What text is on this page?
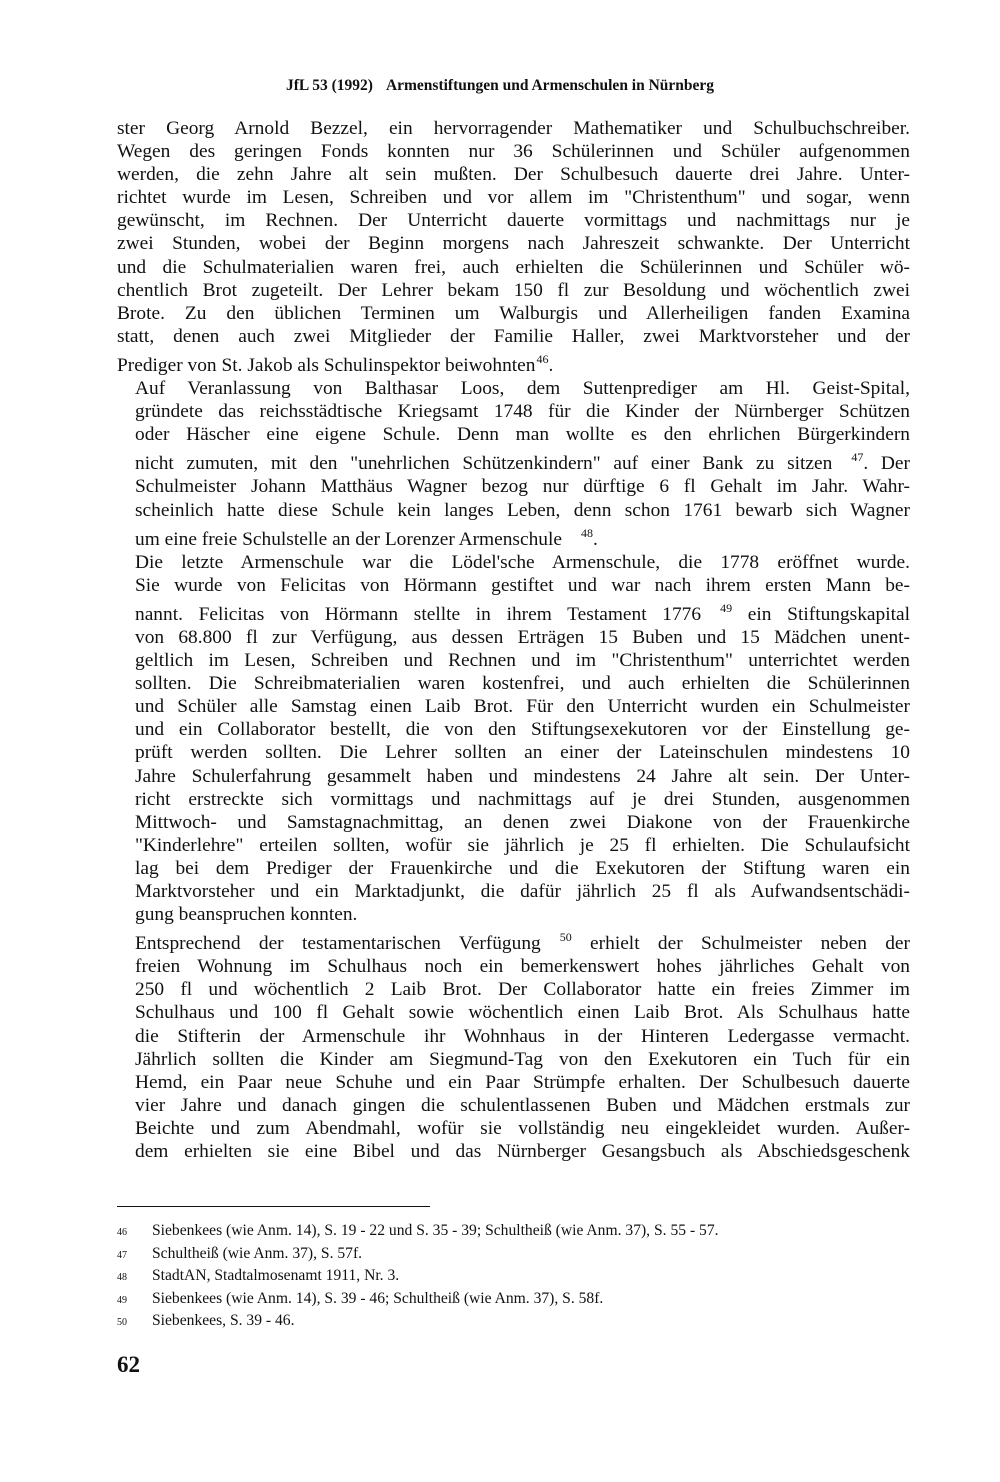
JfL 53 (1992) Armenstiftungen und Armenschulen in Nürnberg

ster Georg Arnold Bezzel, ein hervorragender Mathematiker und Schulbuchschreiber.
Wegen des geringen Fonds konnten nur 36 Schülerinnen und Schüler aufgenommen
werden, die zehn Jahre alt sein mußten. Der Schulbesuch dauerte drei Jahre. Unter-
richtet wurde im Lesen, Schreiben und vor allem im "Christenthum" und sogar, wenn
gewünscht, im Rechnen. Der Unterricht dauerte vormittags und nachmittags nur je
zwei Stunden, wobei der Beginn morgens nach Jahreszeit schwankte. Der Unterricht
und die Schulmaterialien waren frei, auch erhielten die Schülerinnen und Schüler wö-
chentlich Brot zugeteilt. Der Lehrer bekam 150 fl zur Besoldung und wöchentlich zwei
Brote. Zu den üblichen Terminen um Walburgis und Allerheiligen fanden Examina
statt, denen auch zwei Mitglieder der Familie Haller, zwei Marktvorsteher und der
Prediger von St. Jakob als Schulinspektor beiwohnten46.

Auf Veranlassung von Balthasar Loos, dem Suttenprediger am Hl. Geist-Spital,
gründete das reichsstädtische Kriegsamt 1748 für die Kinder der Nürnberger Schützen
oder Häscher eine eigene Schule. Denn man wollte es den ehrlichen Bürgerkindern
nicht zumuten, mit den "unehrlichen Schützenkindern" auf einer Bank zu sitzen 47. Der
Schulmeister Johann Matthäus Wagner bezog nur dürftige 6 fl Gehalt im Jahr. Wahr-
scheinlich hatte diese Schule kein langes Leben, denn schon 1761 bewarb sich Wagner
um eine freie Schulstelle an der Lorenzer Armenschule 48.

Die letzte Armenschule war die Lödel'sche Armenschule, die 1778 eröffnet wurde.
Sie wurde von Felicitas von Hörmann gestiftet und war nach ihrem ersten Mann be-
nannt. Felicitas von Hörmann stellte in ihrem Testament 1776 49 ein Stiftungskapital
von 68.800 fl zur Verfügung, aus dessen Erträgen 15 Buben und 15 Mädchen unent-
geltlich im Lesen, Schreiben und Rechnen und im "Christenthum" unterrichtet werden
sollten. Die Schreibmaterialien waren kostenfrei, und auch erhielten die Schülerinnen
und Schüler alle Samstag einen Laib Brot. Für den Unterricht wurden ein Schulmeister
und ein Collaborator bestellt, die von den Stiftungsexekutoren vor der Einstellung ge-
prüft werden sollten. Die Lehrer sollten an einer der Lateinschulen mindestens 10
Jahre Schulerfahrung gesammelt haben und mindestens 24 Jahre alt sein. Der Unter-
richt erstreckte sich vormittags und nachmittags auf je drei Stunden, ausgenommen
Mittwoch- und Samstagnachmittag, an denen zwei Diakone von der Frauenkirche
"Kinderlehre" erteilen sollten, wofür sie jährlich je 25 fl erhielten. Die Schulaufsicht
lag bei dem Prediger der Frauenkirche und die Exekutoren der Stiftung waren ein
Marktvorsteher und ein Marktadjunkt, die dafür jährlich 25 fl als Aufwandsentschädi-
gung beanspruchen konnten.

Entsprechend der testamentarischen Verfügung 50 erhielt der Schulmeister neben der
freien Wohnung im Schulhaus noch ein bemerkenswert hohes jährliches Gehalt von
250 fl und wöchentlich 2 Laib Brot. Der Collaborator hatte ein freies Zimmer im
Schulhaus und 100 fl Gehalt sowie wöchentlich einen Laib Brot. Als Schulhaus hatte
die Stifterin der Armenschule ihr Wohnhaus in der Hinteren Ledergasse vermacht.
Jährlich sollten die Kinder am Siegmund-Tag von den Exekutoren ein Tuch für ein
Hemd, ein Paar neue Schuhe und ein Paar Strümpfe erhalten. Der Schulbesuch dauerte
vier Jahre und danach gingen die schulentlassenen Buben und Mädchen erstmals zur
Beichte und zum Abendmahl, wofür sie vollständig neu eingekleidet wurden. Außer-
dem erhielten sie eine Bibel und das Nürnberger Gesangsbuch als Abschiedsgeschenk

46	Siebenkees (wie Anm. 14), S. 19 - 22 und S. 35 - 39; Schultheiß (wie Anm. 37), S. 55 - 57.
47	Schultheiß (wie Anm. 37), S. 57f.
48	StadtAN, Stadtalmosenamt 1911, Nr. 3.
49	Siebenkees (wie Anm. 14), S. 39 - 46; Schultheiß (wie Anm. 37), S. 58f.
50	Siebenkees, S. 39 - 46.
62
